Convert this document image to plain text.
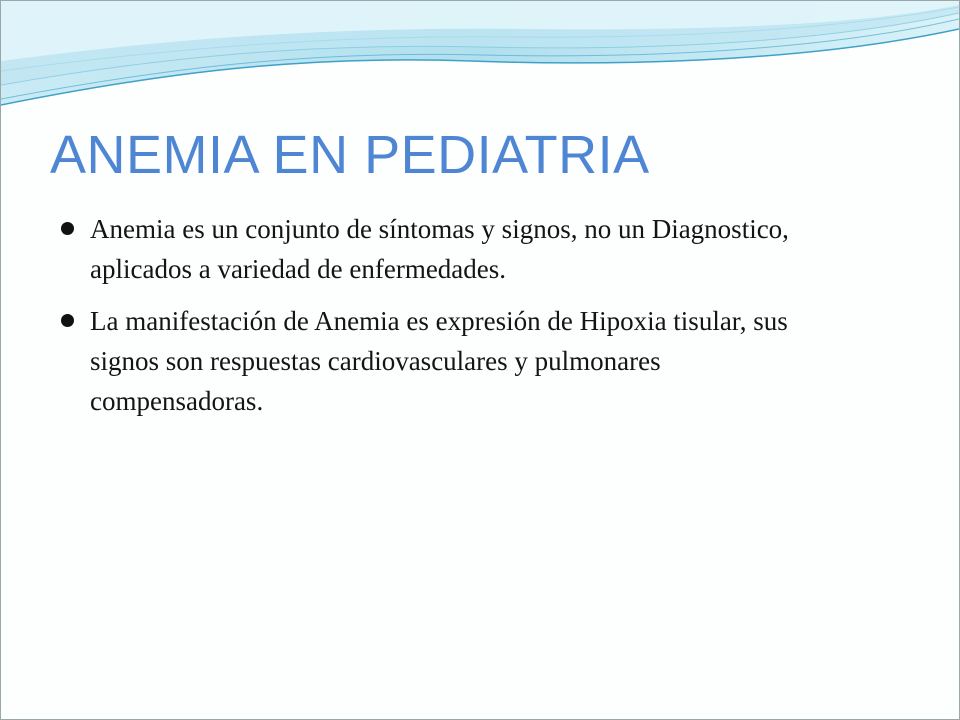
ANEMIA EN PEDIATRIA
Anemia es un conjunto de síntomas y signos, no un Diagnostico, aplicados a variedad de enfermedades.
La manifestación de Anemia es expresión de Hipoxia tisular, sus signos son respuestas cardiovasculares y pulmonares compensadoras.
